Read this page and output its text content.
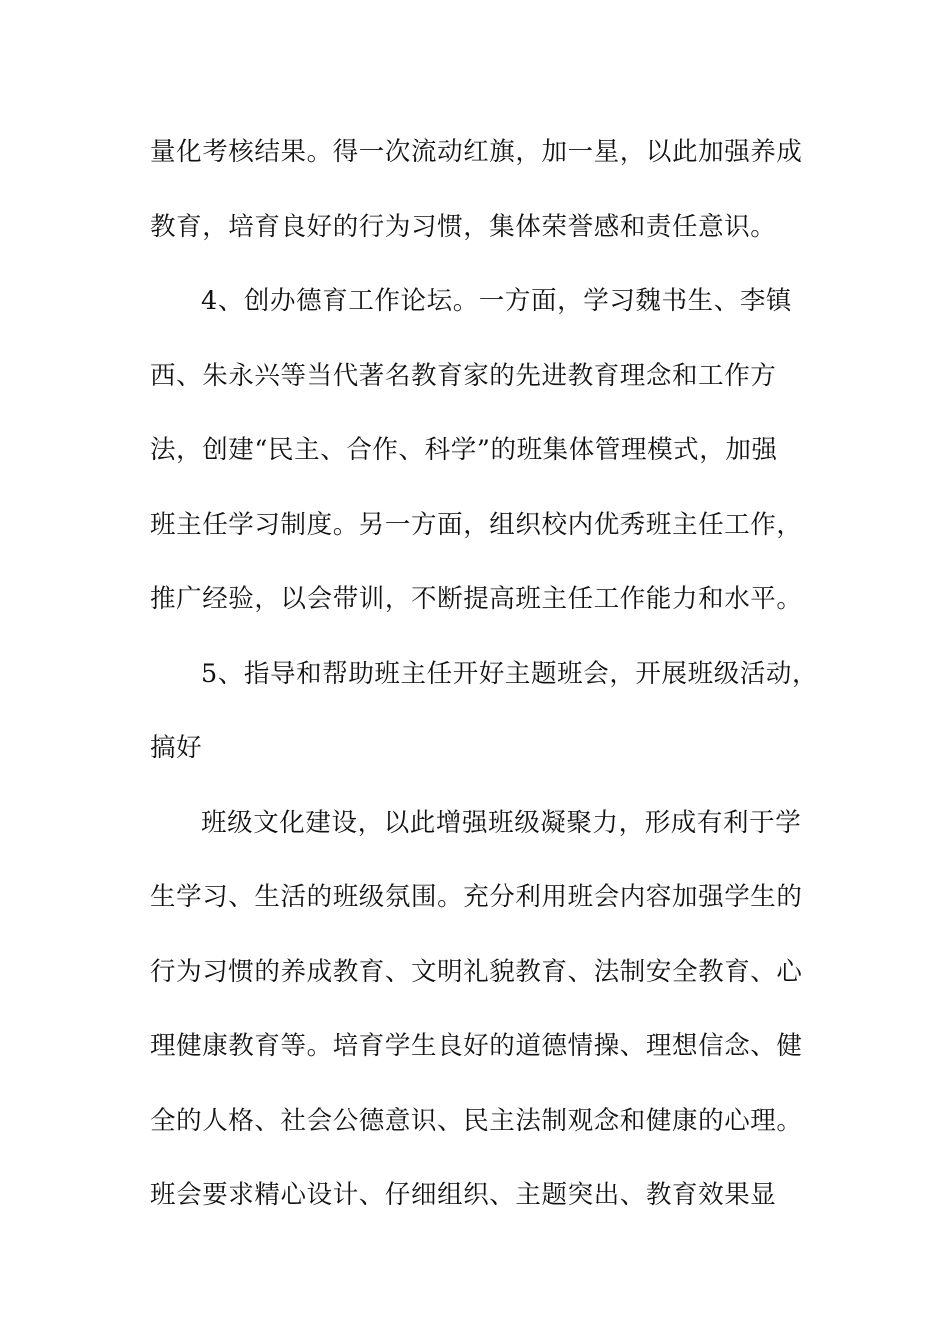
量化考核结果。得一次流动红旗，加一星，以此加强养成
教育，培育良好的行为习惯，集体荣誉感和责任意识。
4、创办德育工作论坛。一方面，学习魏书生、李镇
西、朱永兴等当代著名教育家的先进教育理念和工作方
法，创建“民主、合作、科学”的班集体管理模式，加强
班主任学习制度。另一方面，组织校内优秀班主任工作，
推广经验，以会带训，不断提高班主任工作能力和水平。
5、指导和帮助班主任开好主题班会，开展班级活动，
搞好
班级文化建设，以此增强班级凝聚力，形成有利于学
生学习、生活的班级氛围。充分利用班会内容加强学生的
行为习惯的养成教育、文明礼貌教育、法制安全教育、心
理健康教育等。培育学生良好的道德情操、理想信念、健
全的人格、社会公德意识、民主法制观念和健康的心理。
班会要求精心设计、仔细组织、主题突出、教育效果显
